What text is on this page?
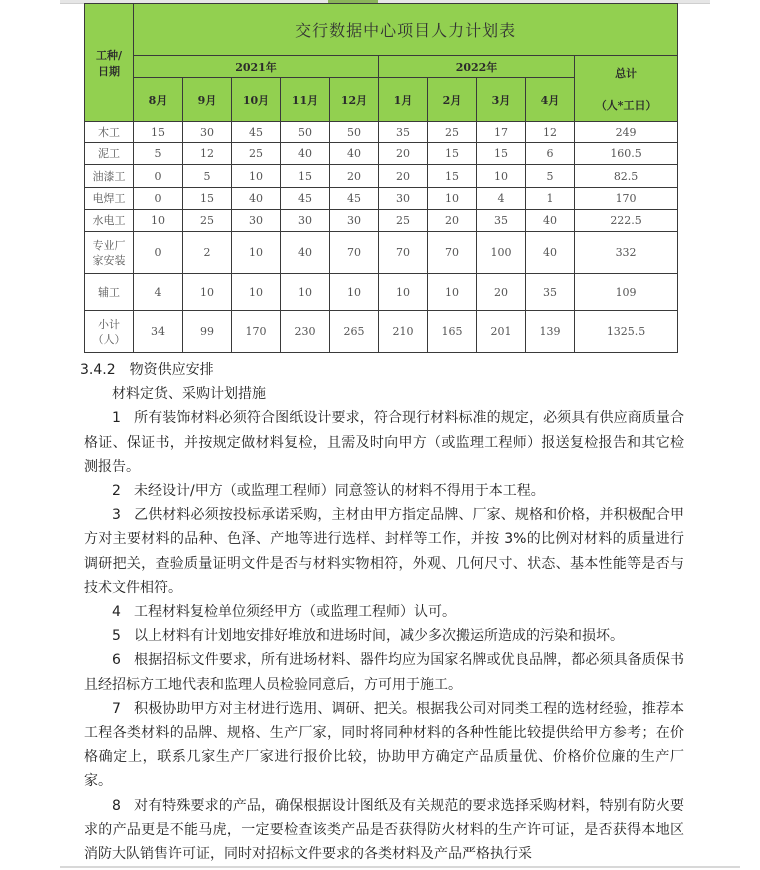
工种/
日期	交行数据中心项目人力计划表									
	2021年					2022年				总计
（人*工日）

	8月	9月	10月	11月	12月	1月	2月	3月	4月	
木工	15	30	45	50	50	35	25	17	12	249
泥工	5	12	25	40	40	20	15	15	6	160.5
油漆工	0	5	10	15	20	20	15	10	5	82.5
电焊工	0	15	40	45	45	30	10	4	1	170
水电工	10	25	30	30	30	25	20	35	40	222.5

专业厂
家安装	0	2	10	40	70	70	70	100	40	332
辅工	4	10	10	10	10	10	10	20	35	109

小计
（人）	34	99	170	230	265	210	165	201	139	1325.5

3.4.2　物资供应安排

材料定货、采购计划措施

1 所有装饰材料必须符合图纸设计要求，符合现行材料标准的规定，必须具有供应商质量合格证、保证书，并按规定做材料复检，且需及时向甲方（或监理工程师）报送复检报告和其它检测报告。

2 未经设计/甲方（或监理工程师）同意签认的材料不得用于本工程。

3 乙供材料必须按投标承诺采购，主材由甲方指定品牌、厂家、规格和价格，并积极配合甲方对主要材料的品种、色泽、产地等进行选样、封样等工作，并按 3%的比例对材料的质量进行调研把关，查验质量证明文件是否与材料实物相符，外观、几何尺寸、状态、基本性能等是否与技术文件相符。

4 工程材料复检单位须经甲方（或监理工程师）认可。

5 以上材料有计划地安排好堆放和进场时间，减少多次搬运所造成的污染和损坏。

6 根据招标文件要求，所有进场材料、器件均应为国家名牌或优良品牌，都必须具备质保书且经招标方工地代表和监理人员检验同意后，方可用于施工。

7 积极协助甲方对主材进行选用、调研、把关。根据我公司对同类工程的选材经验，推荐本工程各类材料的品牌、规格、生产厂家，同时将同种材料的各种性能比较提供给甲方参考；在价格确定上，联系几家生产厂家进行报价比较，协助甲方确定产品质量优、价格价位廉的生产厂家。

8 对有特殊要求的产品，确保根据设计图纸及有关规范的要求选择采购材料，特别有防火要求的产品更是不能马虎，一定要检查该类产品是否获得防火材料的生产许可证，是否获得本地区消防大队销售许可证，同时对招标文件要求的各类材料及产品严格执行采
